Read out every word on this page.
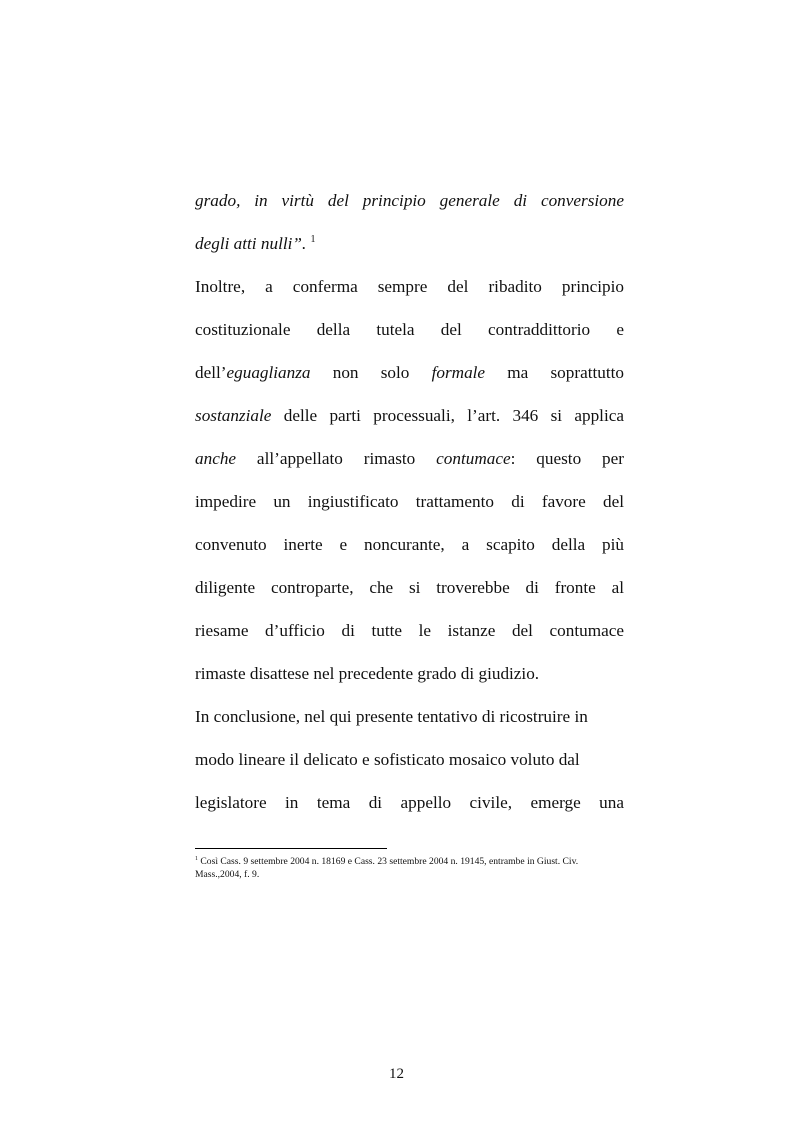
grado, in virtù del principio generale di conversione
degli atti nulli”. $^1$
Inoltre, a conferma sempre del ribadito principio
costituzionale della tutela del contraddittorio e
dell’eguaglianza non solo formale ma soprattutto
sostanziale delle parti processuali, l’art. 346 si applica
anche all’appellato rimasto contumace: questo per
impedire un ingiustificato trattamento di favore del
convenuto inerte e noncurante, a scapito della più
diligente controparte, che si troverebbe di fronte al
riesame d’ufficio di tutte le istanze del contumace
rimaste disattese nel precedente grado di giudizio.
In conclusione, nel qui presente tentativo di ricostruire in
modo lineare il delicato e sofisticato mosaico voluto dal
legislatore in tema di appello civile, emerge una
$^1$ Così Cass. 9 settembre 2004 n. 18169 e Cass. 23 settembre 2004 n. 19145, entrambe in Giust. Civ.
Mass.,2004, f. 9.
12
